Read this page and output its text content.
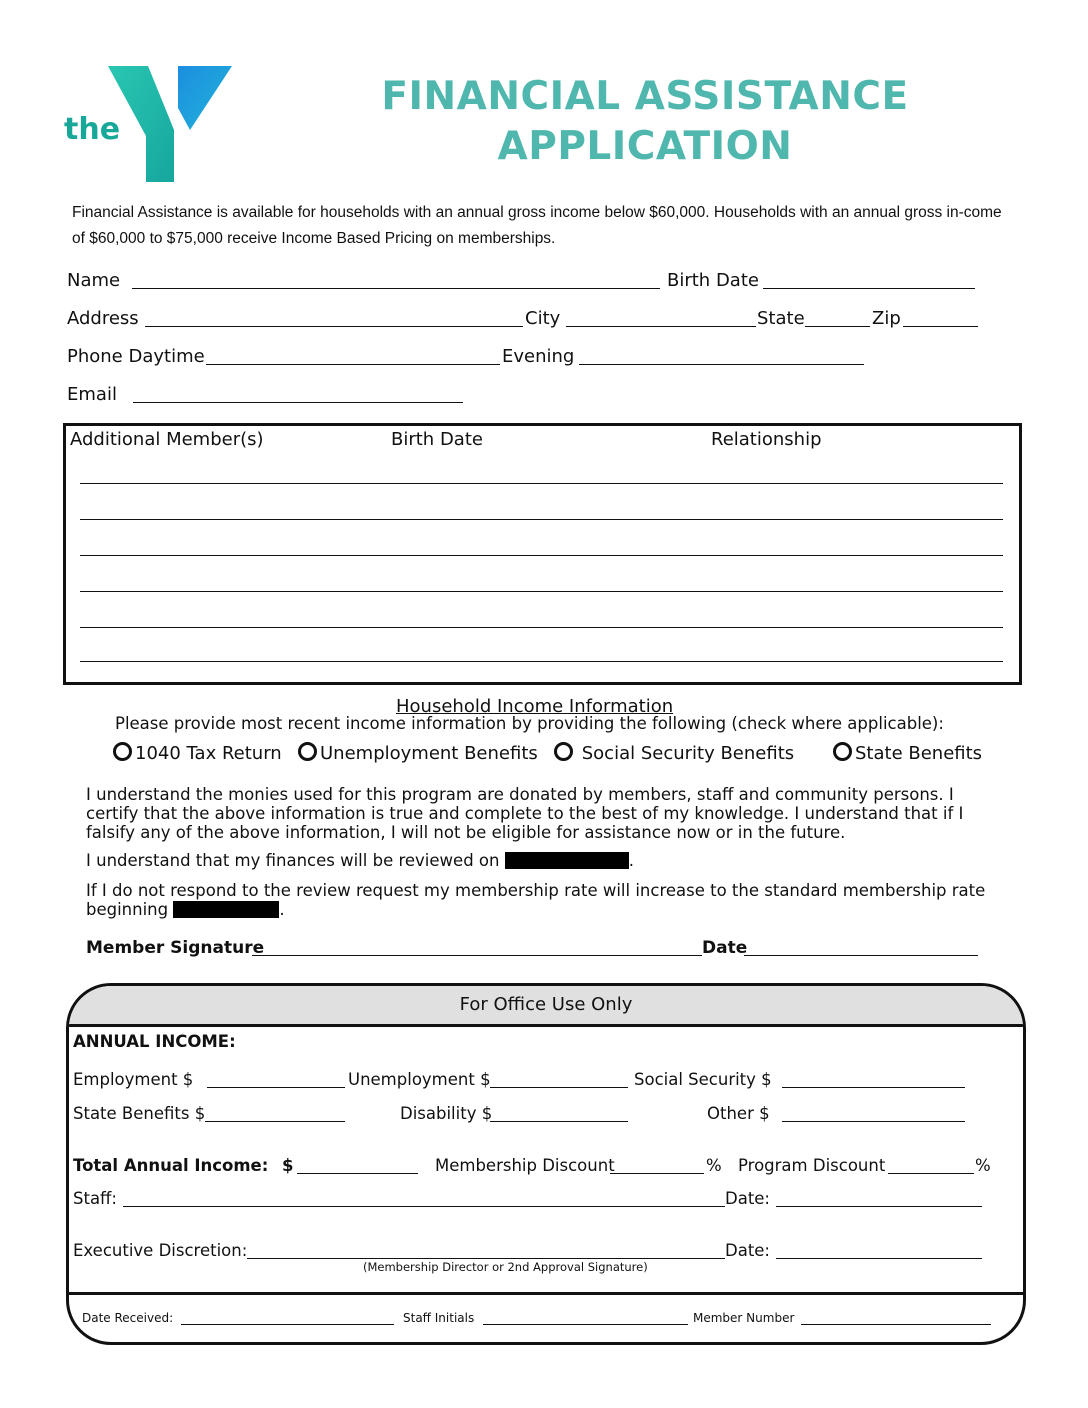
YMCA
the
FINANCIAL ASSISTANCE
APPLICATION
Financial Assistance is available for households with an annual gross income below $60,000. Households with an annual gross in-come of $60,000 to $75,000 receive Income Based Pricing on memberships.
Name	Birth Date
Address	City	State	Zip
Phone Daytime	Evening
Email
Additional Member(s)	Birth Date	Relationship
Household Income Information
Please provide most recent income information by providing the following (check where applicable):
1040 Tax Return	Unemployment Benefits	Social Security Benefits	State Benefits
I understand the monies used for this program are donated by members, staff and community persons. I certify that the above information is true and complete to the best of my knowledge. I understand that if I falsify any of the above information, I will not be eligible for assistance now or in the future.
I understand that my finances will be reviewed on	.
If I do not respond to the review request my membership rate will increase to the standard membership rate beginning	.
Member Signature	Date
For Office Use Only
ANNUAL INCOME:
Employment $	Unemployment $	Social Security $
State Benefits $	Disability $	Other $
Total Annual Income: $	Membership Discount	% Program Discount	%
Staff:	Date:
Executive Discretion:	Date:
(Membership Director or 2nd Approval Signature)
Date Received:	Staff Initials	Member Number
